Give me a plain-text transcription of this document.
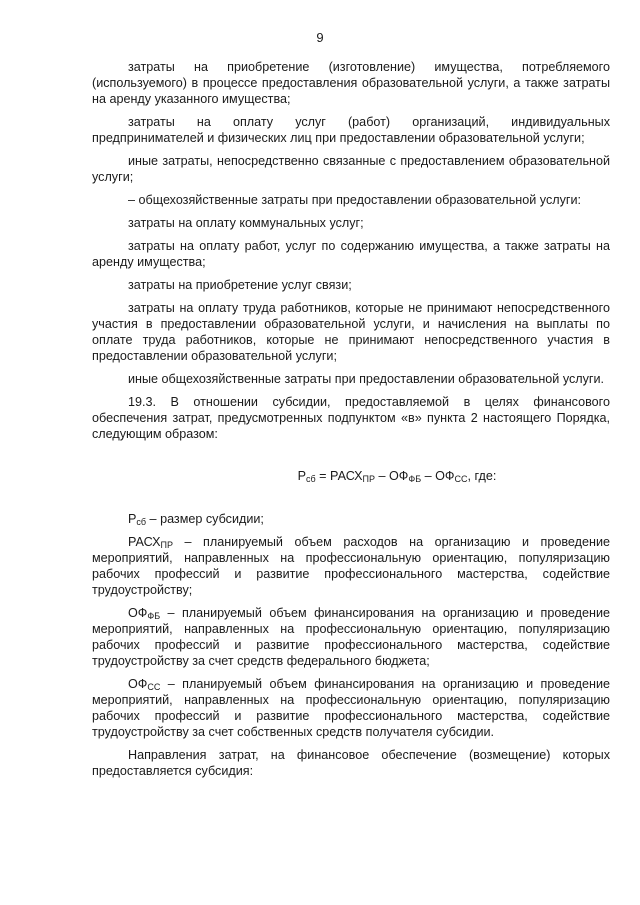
9

затраты на приобретение (изготовление) имущества, потребляемого (используемого) в процессе предоставления образовательной услуги, а также затраты на аренду указанного имущества;

затраты на оплату услуг (работ) организаций, индивидуальных предпринимателей и физических лиц при предоставлении образовательной услуги;

иные затраты, непосредственно связанные с предоставлением образовательной услуги;

– общехозяйственные затраты при предоставлении образовательной услуги:

затраты на оплату коммунальных услуг;

затраты на оплату работ, услуг по содержанию имущества, а также затраты на аренду имущества;

затраты на приобретение услуг связи;

затраты на оплату труда работников, которые не принимают непосредственного участия в предоставлении образовательной услуги, и начисления на выплаты по оплате труда работников, которые не принимают непосредственного участия в предоставлении образовательной услуги;

иные общехозяйственные затраты при предоставлении образовательной услуги.

19.3. В отношении субсидии, предоставляемой в целях финансового обеспечения затрат, предусмотренных подпунктом «в» пункта 2 настоящего Порядка, следующим образом:

$Р_{сб}$ = $РАСХ_{ПР} - ОФ_{ФБ} - ОФ_{СС}$, где:

$Р_{сб}$ – размер субсидии;

$РАСХ_{ПР}$ – планируемый объем расходов на организацию и проведение мероприятий, направленных на профессиональную ориентацию, популяризацию рабочих профессий и развитие профессионального мастерства, содействие трудоустройству;

$ОФ_{ФБ}$ – планируемый объем финансирования на организацию и проведение мероприятий, направленных на профессиональную ориентацию, популяризацию рабочих профессий и развитие профессионального мастерства, содействие трудоустройству за счет средств федерального бюджета;

$ОФ_{СС}$ – планируемый объем финансирования на организацию и проведение мероприятий, направленных на профессиональную ориентацию, популяризацию рабочих профессий и развитие профессионального мастерства, содействие трудоустройству за счет собственных средств получателя субсидии.

Направления затрат, на финансовое обеспечение (возмещение) которых предоставляется субсидия:
